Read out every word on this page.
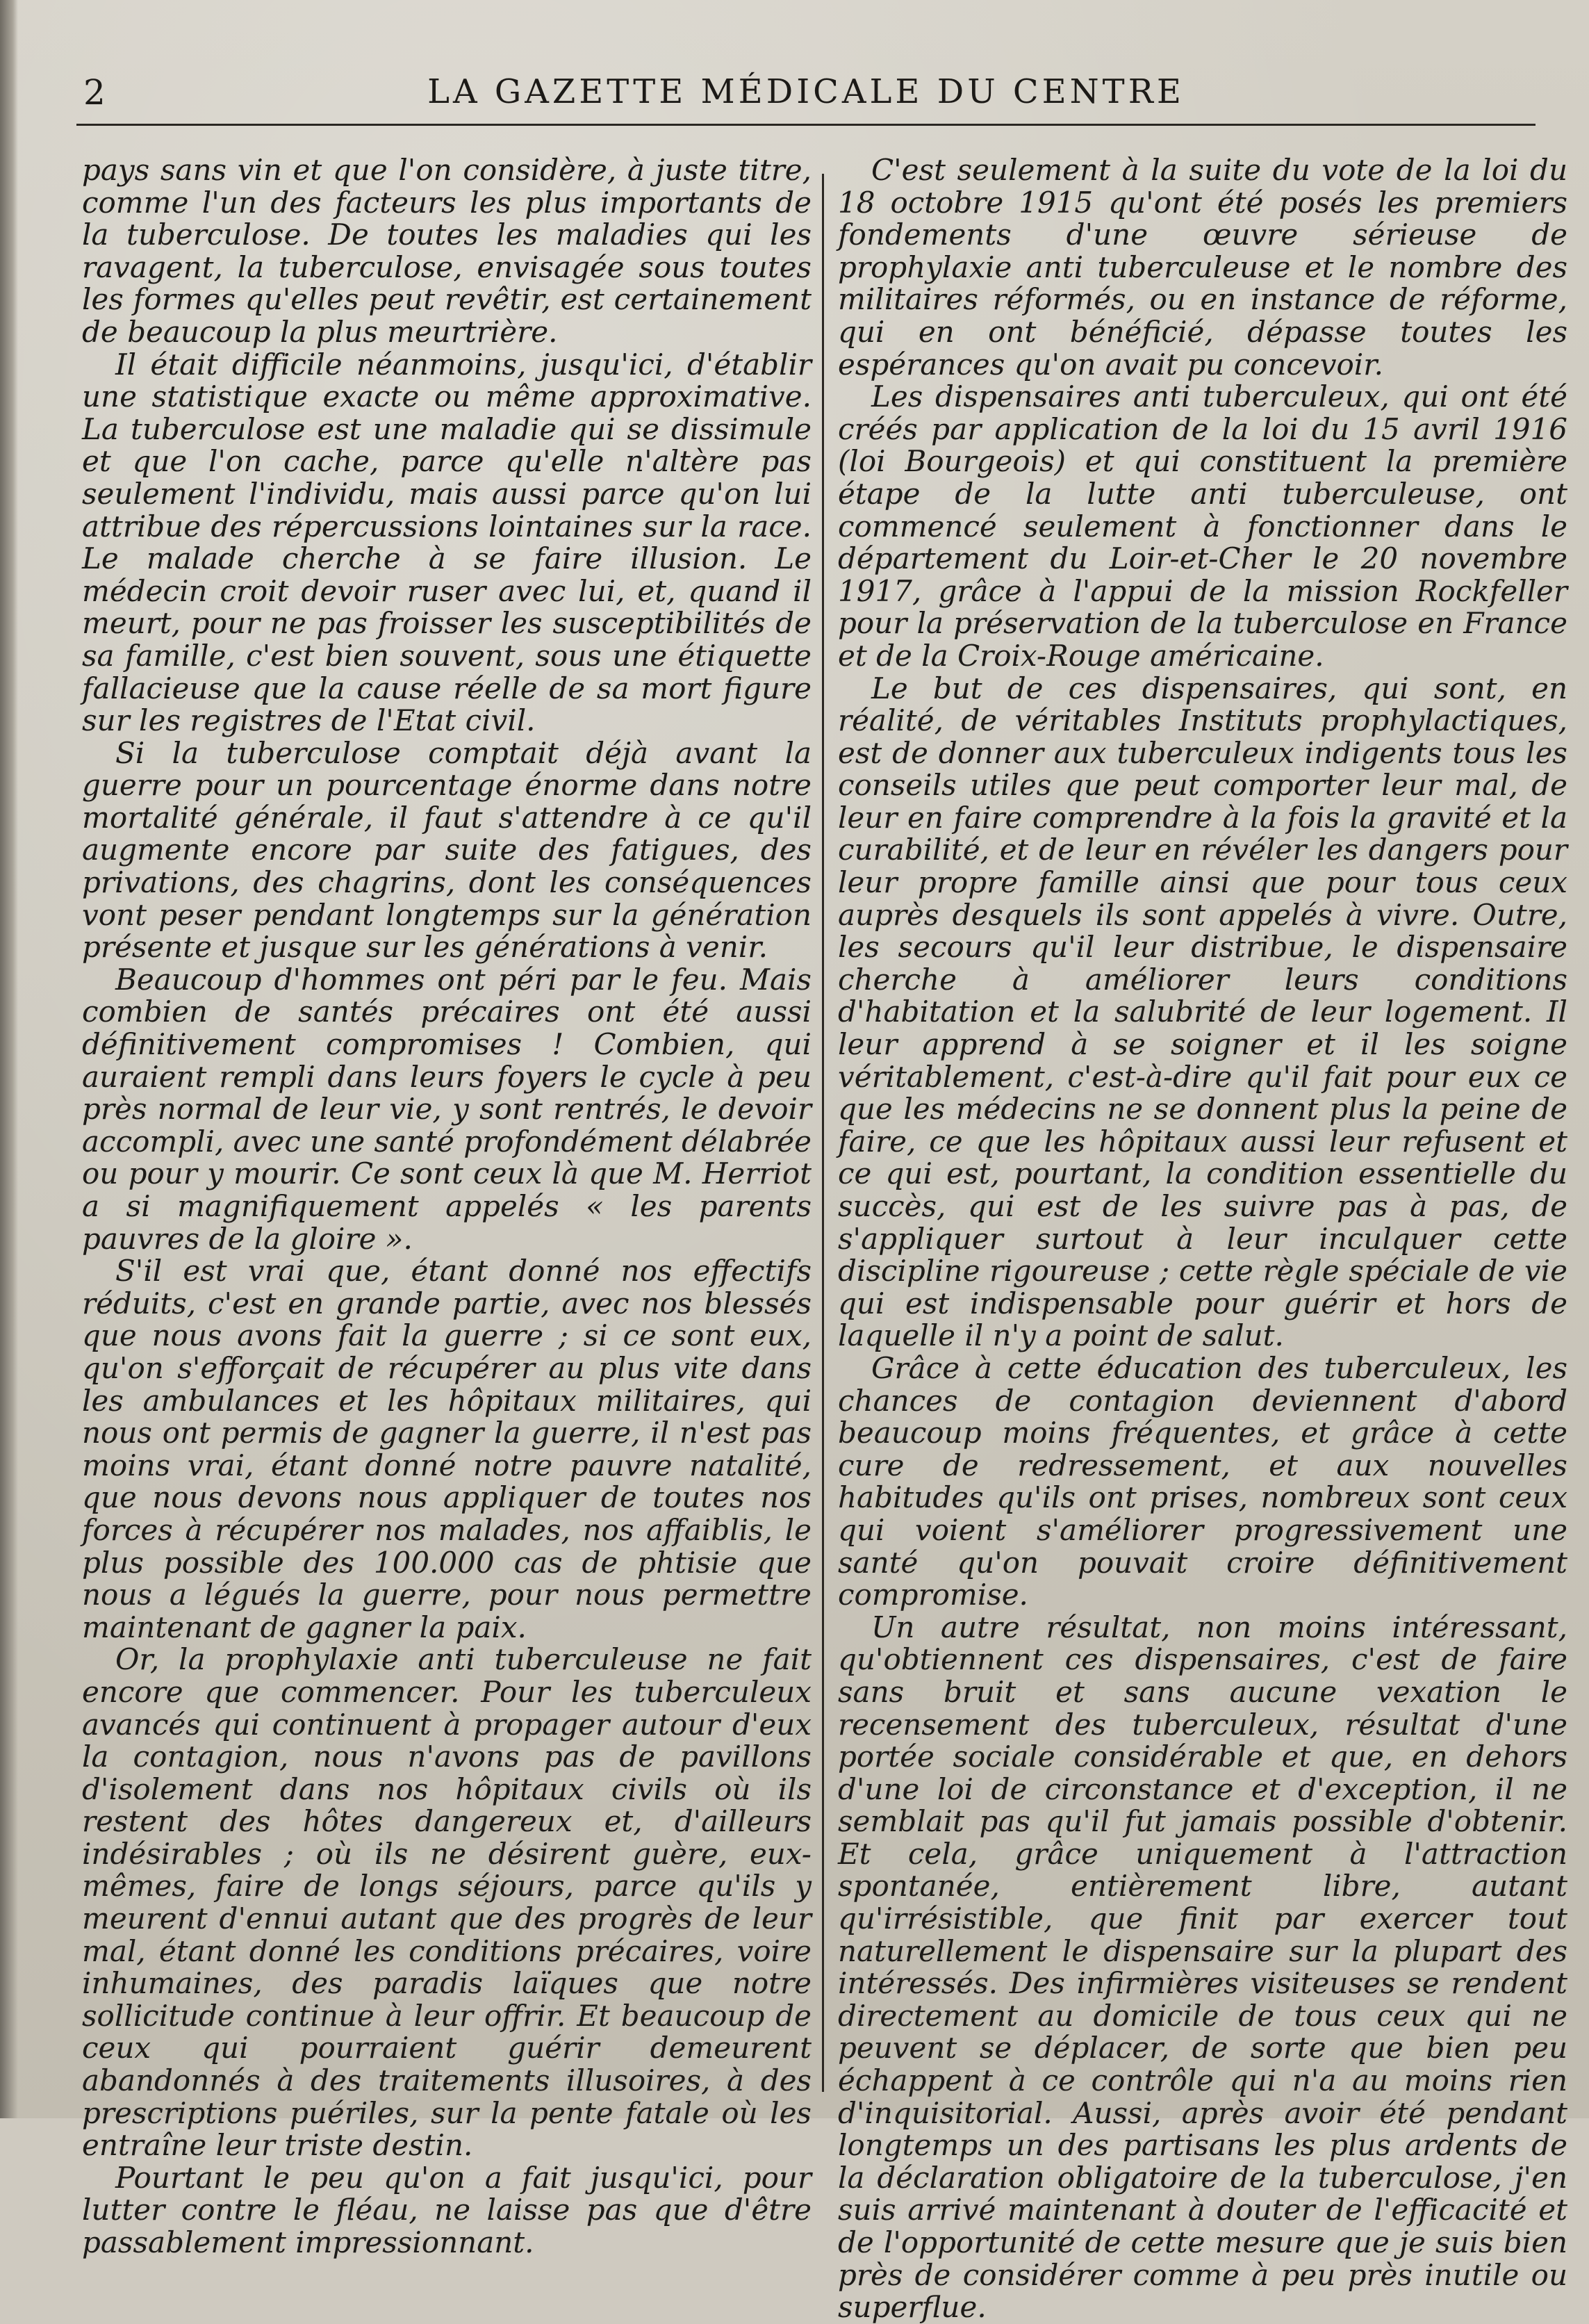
2	LA GAZETTE MÉDICALE DU CENTRE

pays sans vin et que l'on considère, à juste titre, comme l'un des facteurs les plus importants de la tuberculose. De toutes les maladies qui les ravagent, la tuberculose, envisagée sous toutes les formes qu'elles peut revêtir, est certainement de beaucoup la plus meurtrière.

Il était difficile néanmoins, jusqu'ici, d'établir une statistique exacte ou même approximative. La tuberculose est une maladie qui se dissimule et que l'on cache, parce qu'elle n'altère pas seulement l'individu, mais aussi parce qu'on lui attribue des répercussions lointaines sur la race. Le malade cherche à se faire illusion. Le médecin croit devoir ruser avec lui, et, quand il meurt, pour ne pas froisser les susceptibilités de sa famille, c'est bien souvent, sous une étiquette fallacieuse que la cause réelle de sa mort figure sur les registres de l'Etat civil.

Si la tuberculose comptait déjà avant la guerre pour un pourcentage énorme dans notre mortalité générale, il faut s'attendre à ce qu'il augmente encore par suite des fatigues, des privations, des chagrins, dont les conséquences vont peser pendant longtemps sur la génération présente et jusque sur les générations à venir.

Beaucoup d'hommes ont péri par le feu. Mais combien de santés précaires ont été aussi définitivement compromises ! Combien, qui auraient rempli dans leurs foyers le cycle à peu près normal de leur vie, y sont rentrés, le devoir accompli, avec une santé profondément délabrée ou pour y mourir. Ce sont ceux là que M. Herriot a si magnifiquement appelés « les parents pauvres de la gloire ».

S'il est vrai que, étant donné nos effectifs réduits, c'est en grande partie, avec nos blessés que nous avons fait la guerre ; si ce sont eux, qu'on s'efforçait de récupérer au plus vite dans les ambulances et les hôpitaux militaires, qui nous ont permis de gagner la guerre, il n'est pas moins vrai, étant donné notre pauvre natalité, que nous devons nous appliquer de toutes nos forces à récupérer nos malades, nos affaiblis, le plus possible des 100.000 cas de phtisie que nous a légués la guerre, pour nous permettre maintenant de gagner la paix.

Or, la prophylaxie anti tuberculeuse ne fait encore que commencer. Pour les tuberculeux avancés qui continuent à propager autour d'eux la contagion, nous n'avons pas de pavillons d'isolement dans nos hôpitaux civils où ils restent des hôtes dangereux et, d'ailleurs indésirables ; où ils ne désirent guère, eux-mêmes, faire de longs séjours, parce qu'ils y meurent d'ennui autant que des progrès de leur mal, étant donné les conditions précaires, voire inhumaines, des paradis laïques que notre sollicitude continue à leur offrir. Et beaucoup de ceux qui pourraient guérir demeurent abandonnés à des traitements illusoires, à des prescriptions puériles, sur la pente fatale où les entraîne leur triste destin.

Pourtant le peu qu'on a fait jusqu'ici, pour lutter contre le fléau, ne laisse pas que d'être passablement impressionnant.

C'est seulement à la suite du vote de la loi du 18 octobre 1915 qu'ont été posés les premiers fondements d'une œuvre sérieuse de prophylaxie anti tuberculeuse et le nombre des militaires réformés, ou en instance de réforme, qui en ont bénéficié, dépasse toutes les espérances qu'on avait pu concevoir.

Les dispensaires anti tuberculeux, qui ont été créés par application de la loi du 15 avril 1916 (loi Bourgeois) et qui constituent la première étape de la lutte anti tuberculeuse, ont commencé seulement à fonctionner dans le département du Loir-et-Cher le 20 novembre 1917, grâce à l'appui de la mission Rockfeller pour la préservation de la tuberculose en France et de la Croix-Rouge américaine.

Le but de ces dispensaires, qui sont, en réalité, de véritables Instituts prophylactiques, est de donner aux tuberculeux indigents tous les conseils utiles que peut comporter leur mal, de leur en faire comprendre à la fois la gravité et la curabilité, et de leur en révéler les dangers pour leur propre famille ainsi que pour tous ceux auprès desquels ils sont appelés à vivre. Outre, les secours qu'il leur distribue, le dispensaire cherche à améliorer leurs conditions d'habitation et la salubrité de leur logement. Il leur apprend à se soigner et il les soigne véritablement, c'est-à-dire qu'il fait pour eux ce que les médecins ne se donnent plus la peine de faire, ce que les hôpitaux aussi leur refusent et ce qui est, pourtant, la condition essentielle du succès, qui est de les suivre pas à pas, de s'appliquer surtout à leur inculquer cette discipline rigoureuse ; cette règle spéciale de vie qui est indispensable pour guérir et hors de laquelle il n'y a point de salut.

Grâce à cette éducation des tuberculeux, les chances de contagion deviennent d'abord beaucoup moins fréquentes, et grâce à cette cure de redressement, et aux nouvelles habitudes qu'ils ont prises, nombreux sont ceux qui voient s'améliorer progressivement une santé qu'on pouvait croire définitivement compromise.

Un autre résultat, non moins intéressant, qu'obtiennent ces dispensaires, c'est de faire sans bruit et sans aucune vexation le recensement des tuberculeux, résultat d'une portée sociale considérable et que, en dehors d'une loi de circonstance et d'exception, il ne semblait pas qu'il fut jamais possible d'obtenir. Et cela, grâce uniquement à l'attraction spontanée, entièrement libre, autant qu'irrésistible, que finit par exercer tout naturellement le dispensaire sur la plupart des intéressés. Des infirmières visiteuses se rendent directement au domicile de tous ceux qui ne peuvent se déplacer, de sorte que bien peu échappent à ce contrôle qui n'a au moins rien d'inquisitorial. Aussi, après avoir été pendant longtemps un des partisans les plus ardents de la déclaration obligatoire de la tuberculose, j'en suis arrivé maintenant à douter de l'efficacité et de l'opportunité de cette mesure que je suis bien près de considérer comme à peu près inutile ou superflue.
